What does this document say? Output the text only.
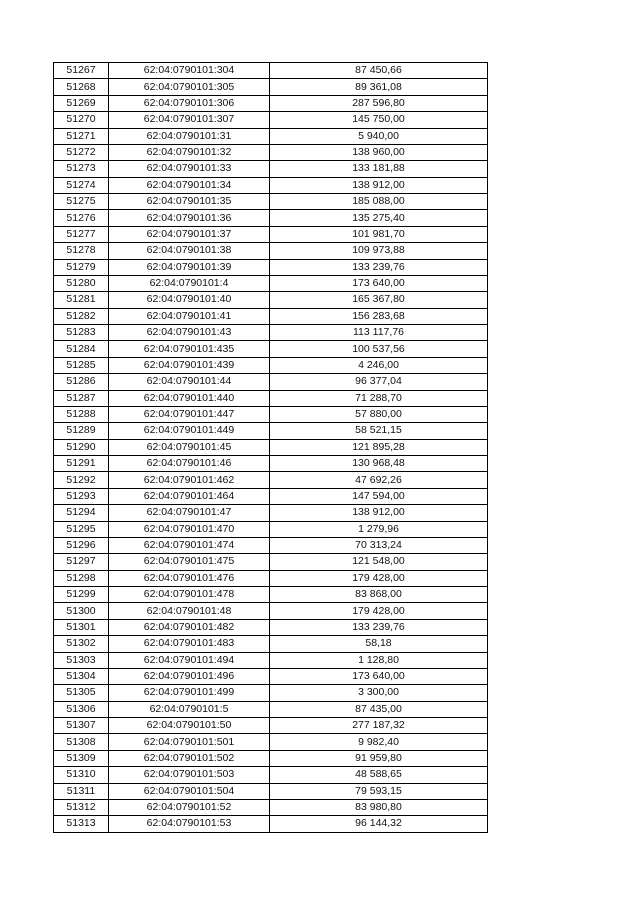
51267	62:04:0790101:304	87 450,66
51268	62:04:0790101:305	89 361,08
51269	62:04:0790101:306	287 596,80
51270	62:04:0790101:307	145 750,00
51271	62:04:0790101:31	5 940,00
51272	62:04:0790101:32	138 960,00
51273	62:04:0790101:33	133 181,88
51274	62:04:0790101:34	138 912,00
51275	62:04:0790101:35	185 088,00
51276	62:04:0790101:36	135 275,40
51277	62:04:0790101:37	101 981,70
51278	62:04:0790101:38	109 973,88
51279	62:04:0790101:39	133 239,76
51280	62:04:0790101:4	173 640,00
51281	62:04:0790101:40	165 367,80
51282	62:04:0790101:41	156 283,68
51283	62:04:0790101:43	113 117,76
51284	62:04:0790101:435	100 537,56
51285	62:04:0790101:439	4 246,00
51286	62:04:0790101:44	96 377,04
51287	62:04:0790101:440	71 288,70
51288	62:04:0790101:447	57 880,00
51289	62:04:0790101:449	58 521,15
51290	62:04:0790101:45	121 895,28
51291	62:04:0790101:46	130 968,48
51292	62:04:0790101:462	47 692,26
51293	62:04:0790101:464	147 594,00
51294	62:04:0790101:47	138 912,00
51295	62:04:0790101:470	1 279,96
51296	62:04:0790101:474	70 313,24
51297	62:04:0790101:475	121 548,00
51298	62:04:0790101:476	179 428,00
51299	62:04:0790101:478	83 868,00
51300	62:04:0790101:48	179 428,00
51301	62:04:0790101:482	133 239,76
51302	62:04:0790101:483	58,18
51303	62:04:0790101:494	1 128,80
51304	62:04:0790101:496	173 640,00
51305	62:04:0790101:499	3 300,00
51306	62:04:0790101:5	87 435,00
51307	62:04:0790101:50	277 187,32
51308	62:04:0790101:501	9 982,40
51309	62:04:0790101:502	91 959,80
51310	62:04:0790101:503	48 588,65
51311	62:04:0790101:504	79 593,15
51312	62:04:0790101:52	83 980,80
51313	62:04:0790101:53	96 144,32
